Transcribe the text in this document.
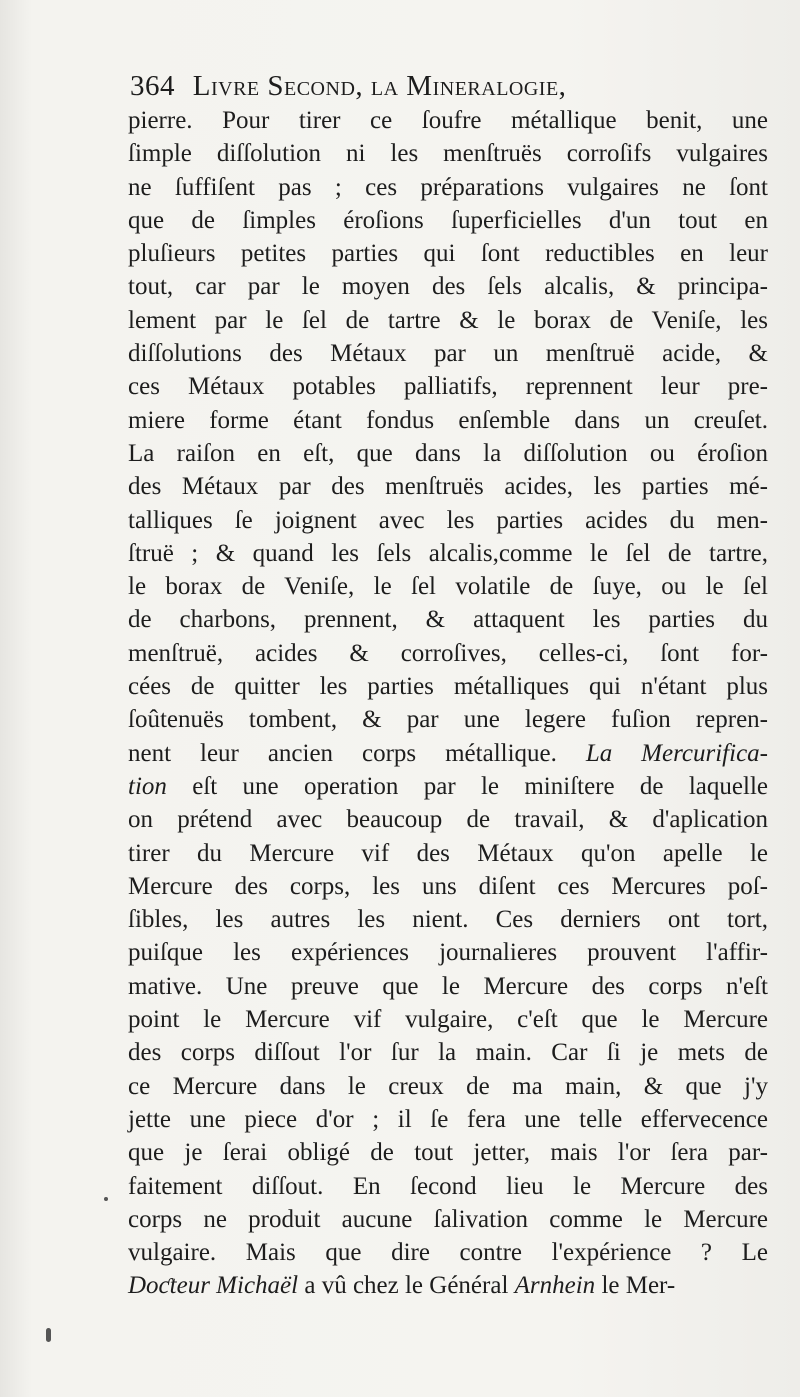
364 Livre Second, la Mineralogie,
pierre. Pour tirer ce ſoufre métallique benit, une
ſimple diſſolution ni les menſtruës corroſifs vulgaires
ne ſuffiſent pas ; ces préparations vulgaires ne ſont
que de ſimples éroſions ſuperficielles d'un tout en
pluſieurs petites parties qui ſont reductibles en leur
tout, car par le moyen des ſels alcalis, & principa-
lement par le ſel de tartre & le borax de Veniſe, les
diſſolutions des Métaux par un menſtruë acide, &
ces Métaux potables palliatifs, reprennent leur pre-
miere forme étant fondus enſemble dans un creuſet.
La raiſon en eſt, que dans la diſſolution ou éroſion
des Métaux par des menſtruës acides, les parties mé-
talliques ſe joignent avec les parties acides du men-
ſtruë ; & quand les ſels alcalis,comme le ſel de tartre,
le borax de Veniſe, le ſel volatile de ſuye, ou le ſel
de charbons, prennent, & attaquent les parties du
menſtruë, acides & corroſives, celles-ci, ſont for-
cées de quitter les parties métalliques qui n'étant plus
ſoûtenuës tombent, & par une legere fuſion repren-
nent leur ancien corps métallique. La Mercurifica-
tion eſt une operation par le miniſtere de laquelle
on prétend avec beaucoup de travail, & d'aplication
tirer du Mercure vif des Métaux qu'on apelle le
Mercure des corps, les uns diſent ces Mercures poſ-
ſibles, les autres les nient. Ces derniers ont tort,
puiſque les expériences journalieres prouvent l'affir-
mative. Une preuve que le Mercure des corps n'eſt
point le Mercure vif vulgaire, c'eſt que le Mercure
des corps diſſout l'or ſur la main. Car ſi je mets de
ce Mercure dans le creux de ma main, & que j'y
jette une piece d'or ; il ſe fera une telle effervecence
que je ſerai obligé de tout jetter, mais l'or ſera par-
faitement diſſout. En ſecond lieu le Mercure des
corps ne produit aucune ſalivation comme le Mercure
vulgaire. Mais que dire contre l'expérience ? Le
Doƈteur Michaël a vû chez le Général Arnhein le Mer-
